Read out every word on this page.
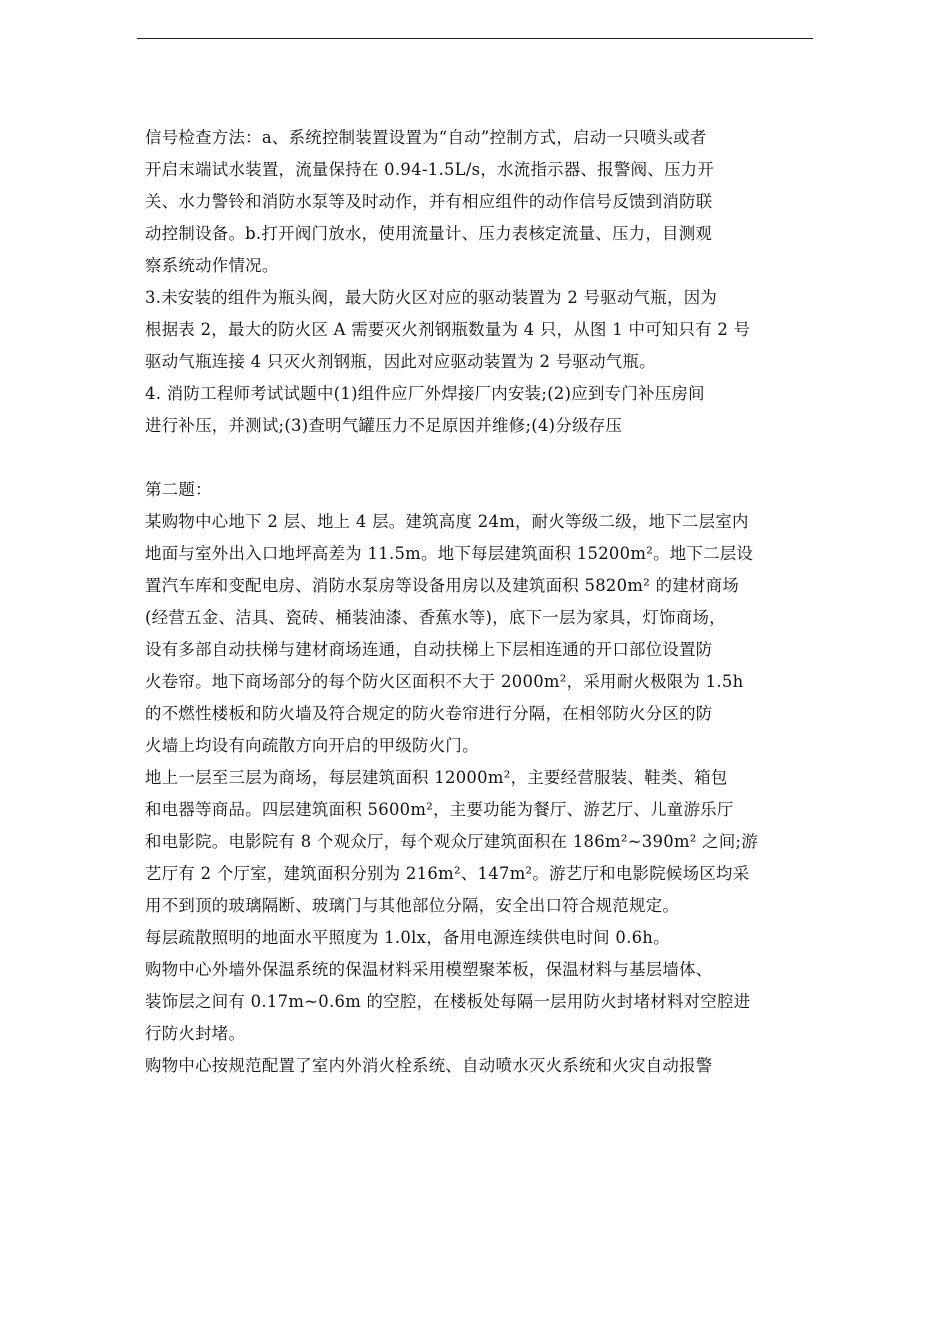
信号检查方法：a、系统控制装置设置为“自动”控制方式，启动一只喷头或者
开启末端试水装置，流量保持在 0.94-1.5L/s，水流指示器、报警阀、压力开
关、水力警铃和消防水泵等及时动作，并有相应组件的动作信号反馈到消防联
动控制设备。b.打开阀门放水，使用流量计、压力表核定流量、压力，目测观
察系统动作情况。

3.未安装的组件为瓶头阀，最大防火区对应的驱动装置为 2 号驱动气瓶，因为
根据表 2，最大的防火区 A 需要灭火剂钢瓶数量为 4 只，从图 1 中可知只有 2 号
驱动气瓶连接 4 只灭火剂钢瓶，因此对应驱动装置为 2 号驱动气瓶。

4. 消防工程师考试试题中(1)组件应厂外焊接厂内安装;(2)应到专门补压房间
进行补压，并测试;(3)查明气罐压力不足原因并维修;(4)分级存压

第二题：

某购物中心地下 2 层、地上 4 层。建筑高度 24m，耐火等级二级，地下二层室内
地面与室外出入口地坪高差为 11.5m。地下每层建筑面积 15200m²。地下二层设
置汽车库和变配电房、消防水泵房等设备用房以及建筑面积 5820m² 的建材商场
(经营五金、洁具、瓷砖、桶装油漆、香蕉水等)，底下一层为家具，灯饰商场，
设有多部自动扶梯与建材商场连通，自动扶梯上下层相连通的开口部位设置防
火卷帘。地下商场部分的每个防火区面积不大于 2000m²，采用耐火极限为 1.5h
的不燃性楼板和防火墙及符合规定的防火卷帘进行分隔，在相邻防火分区的防
火墙上均设有向疏散方向开启的甲级防火门。

地上一层至三层为商场，每层建筑面积 12000m²，主要经营服装、鞋类、箱包
和电器等商品。四层建筑面积 5600m²，主要功能为餐厅、游艺厅、儿童游乐厅
和电影院。电影院有 8 个观众厅，每个观众厅建筑面积在 186m²~390m² 之间;游
艺厅有 2 个厅室，建筑面积分别为 216m²、147m²。游艺厅和电影院候场区均采
用不到顶的玻璃隔断、玻璃门与其他部位分隔，安全出口符合规范规定。

每层疏散照明的地面水平照度为 1.0lx，备用电源连续供电时间 0.6h。

购物中心外墙外保温系统的保温材料采用模塑聚苯板，保温材料与基层墙体、
装饰层之间有 0.17m~0.6m 的空腔，在楼板处每隔一层用防火封堵材料对空腔进
行防火封堵。

购物中心按规范配置了室内外消火栓系统、自动喷水灭火系统和火灾自动报警
